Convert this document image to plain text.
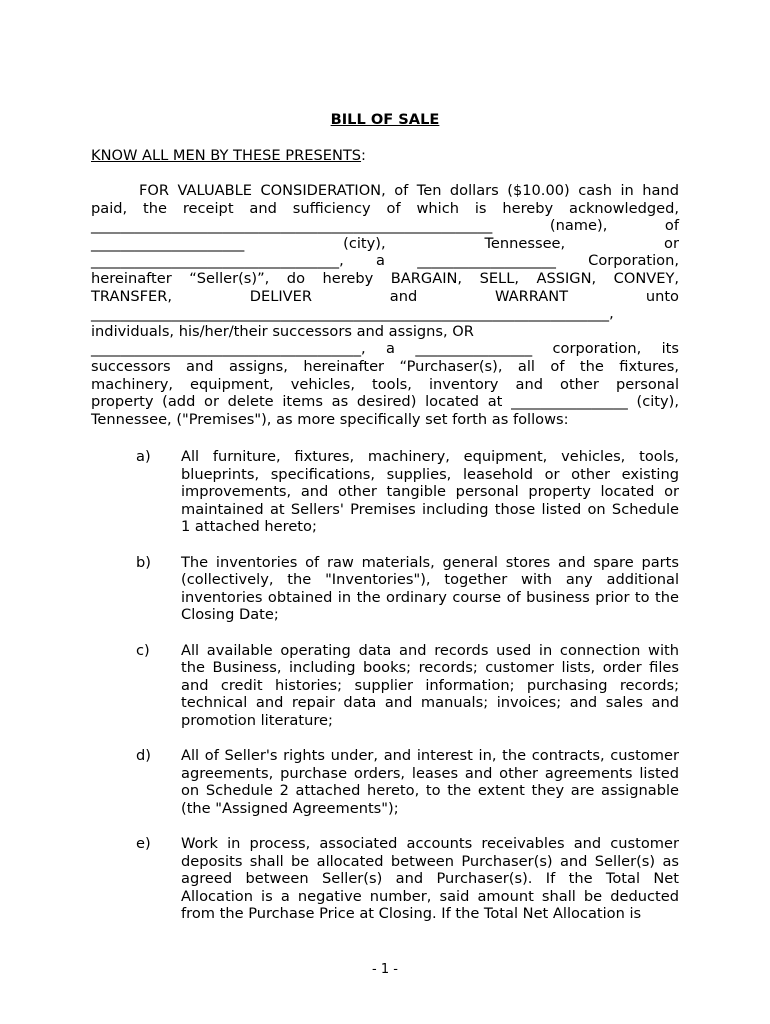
BILL OF SALE
KNOW ALL MEN BY THESE PRESENTS:
FOR VALUABLE CONSIDERATION, of Ten dollars ($10.00) cash in hand
paid, the receipt and sufficiency of which is hereby acknowledged,
_______________________________________________________ (name), of
_____________________ (city), Tennessee, or
__________________________________, a ___________________ Corporation,
hereinafter “Seller(s)”, do hereby BARGAIN, SELL, ASSIGN, CONVEY,
TRANSFER, DELIVER and WARRANT unto
_______________________________________________________________________,
individuals, his/her/their successors and assigns, OR
_____________________________________, a ________________ corporation, its
successors and assigns, hereinafter “Purchaser(s), all of the fixtures,
machinery, equipment, vehicles, tools, inventory and other personal
property (add or delete items as desired) located at ________________ (city),
Tennessee, ("Premises"), as more specifically set forth as follows:
a) All furniture, fixtures, machinery, equipment, vehicles, tools, blueprints, specifications, supplies, leasehold or other existing improvements, and other tangible personal property located or maintained at Sellers' Premises including those listed on Schedule 1 attached hereto;
b) The inventories of raw materials, general stores and spare parts (collectively, the "Inventories"), together with any additional inventories obtained in the ordinary course of business prior to the Closing Date;
c) All available operating data and records used in connection with the Business, including books; records; customer lists, order files and credit histories; supplier information; purchasing records; technical and repair data and manuals; invoices; and sales and promotion literature;
d) All of Seller's rights under, and interest in, the contracts, customer agreements, purchase orders, leases and other agreements listed on Schedule 2 attached hereto, to the extent they are assignable (the "Assigned Agreements");
e) Work in process, associated accounts receivables and customer deposits shall be allocated between Purchaser(s) and Seller(s) as agreed between Seller(s) and Purchaser(s). If the Total Net Allocation is a negative number, said amount shall be deducted from the Purchase Price at Closing. If the Total Net Allocation is
- 1 -
